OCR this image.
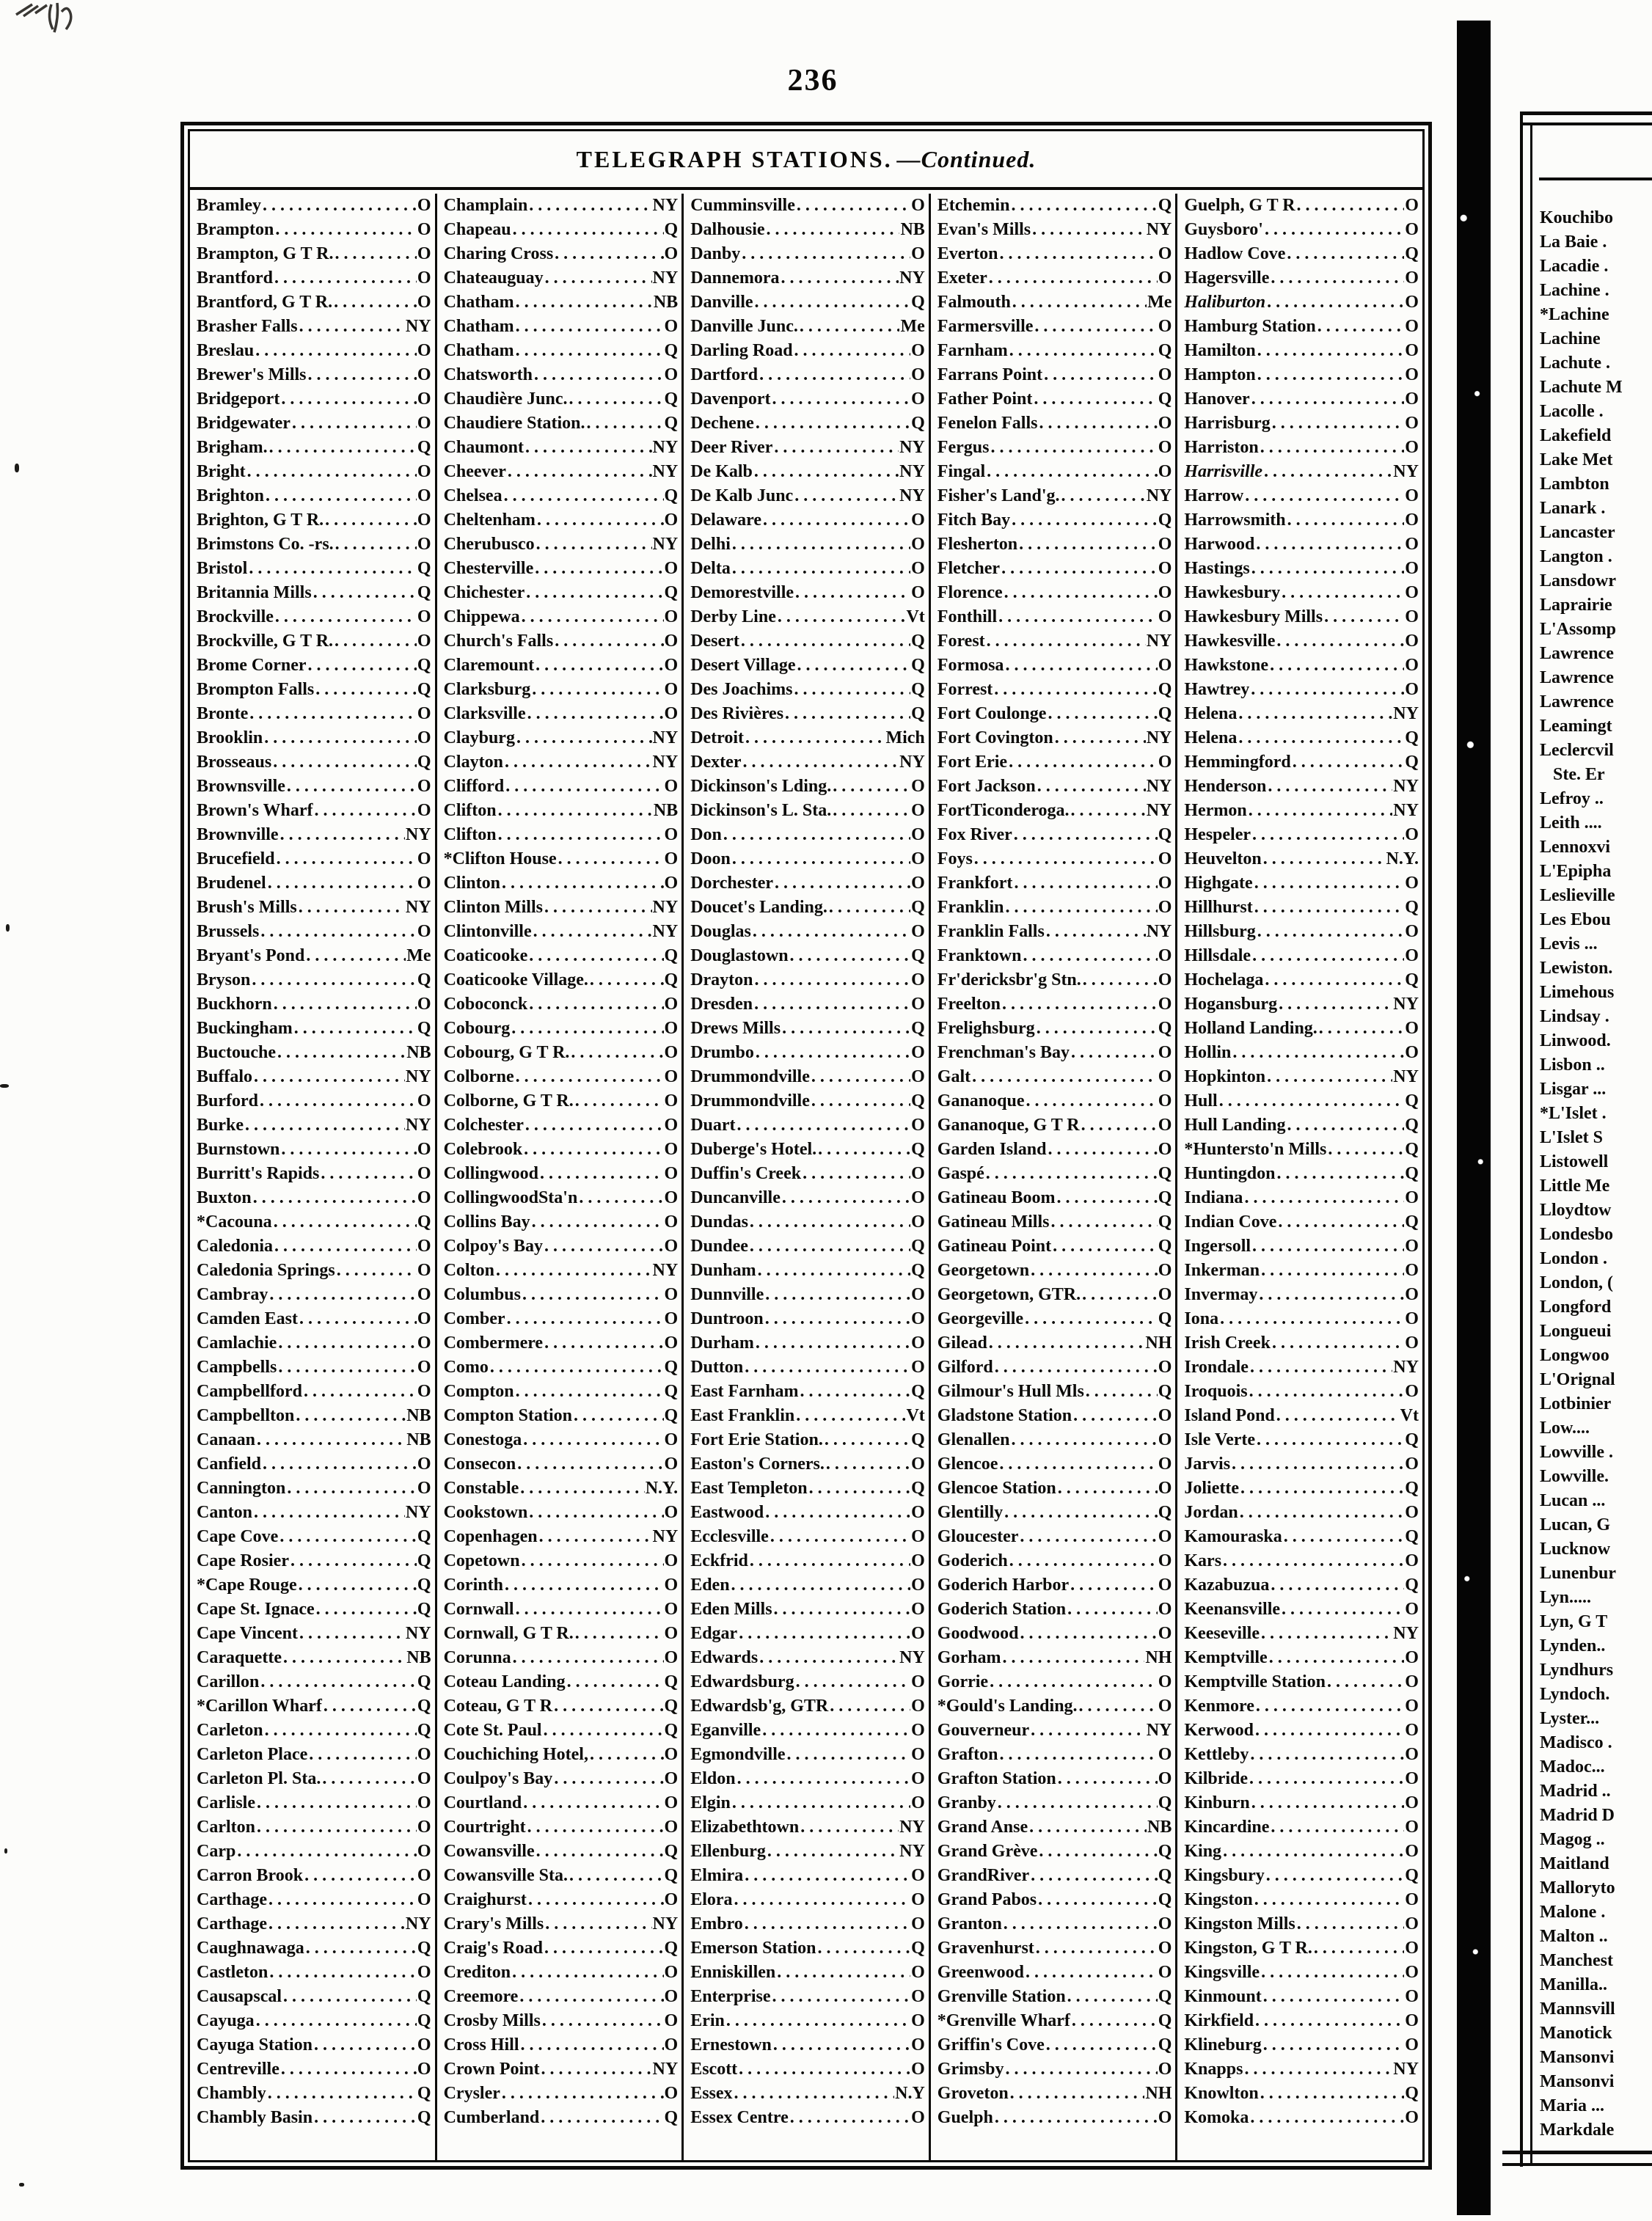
236
TELEGRAPH STATIONS. —Continued.
Bramley .....	O
Brampton .....	O
Brampton, G T R. .....	O
Brantford .....	O
Brantford, G T R. .....	O
Brasher Falls .....	NY
Breslau .....	O
Brewer's Mills .....	O
Bridgeport .....	O
Bridgewater .....	O
Brigham. .....	Q
Bright .....	O
Brighton .....	O
Brighton, G T R. .....	O
Brimstons Co. -rs. .....	O
Bristol .....	Q
Britannia Mills .....	Q
Brockville .....	O
Brockville, G T R. .....	O
Brome Corner .....	Q
Brompton Falls .....	Q
Bronte .....	O
Brooklin .....	O
Brosseaus .....	Q
Brownsville .....	O
Brown's Wharf .....	O
Brownville .....	NY
Brucefield .....	O
Brudenel .....	O
Brush's Mills .....	NY
Brussels .....	O
Bryant's Pond .....	Me
Bryson .....	Q
Buckhorn .....	O
Buckingham .....	Q
Buctouche .....	NB
Buffalo .....	NY
Burford .....	O
Burke .....	NY
Burnstown .....	O
Burritt's Rapids .....	O
Buxton .....	O
*Cacouna .....	Q
Caledonia .....	O
Caledonia Springs .....	O
Cambray .....	O
Camden East .....	O
Camlachie .....	O
Campbells .....	O
Campbellford .....	O
Campbellton .....	NB
Canaan .....	NB
Canfield .....	O
Cannington .....	O
Canton .....	NY
Cape Cove .....	Q
Cape Rosier .....	Q
*Cape Rouge .....	Q
Cape St. Ignace .....	Q
Cape Vincent .....	NY
Caraquette .....	NB
Carillon .....	Q
*Carillon Wharf .....	Q
Carleton .....	Q
Carleton Place .....	O
Carleton Pl. Sta. .....	O
Carlisle .....	O
Carlton .....	O
Carp .....	O
Carron Brook .....	O
Carthage .....	O
Carthage .....	NY
Caughnawaga .....	Q
Castleton .....	O
Causapscal .....	Q
Cayuga .....	Q
Cayuga Station .....	O
Centreville .....	O
Chambly .....	Q
Chambly Basin .....	Q
Champlain .....	NY
Chapeau .....	Q
Charing Cross .....	O
Chateauguay .....	NY
Chatham .....	NB
Chatham .....	O
Chatham .....	Q
Chatsworth .....	O
Chaudière Junc. .....	Q
Chaudiere Station. .....	Q
Chaumont .....	NY
Cheever .....	NY
Chelsea .....	Q
Cheltenham .....	O
Cherubusco .....	NY
Chesterville .....	O
Chichester .....	Q
Chippewa .....	O
Church's Falls .....	O
Claremount .....	O
Clarksburg .....	O
Clarksville .....	O
Clayburg .....	NY
Clayton .....	NY
Clifford .....	O
Clifton .....	NB
Clifton .....	O
*Clifton House .....	O
Clinton .....	O
Clinton Mills .....	NY
Clintonville .....	NY
Coaticooke .....	Q
Coaticooke Village. .....	Q
Coboconck .....	O
Cobourg .....	O
Cobourg, G T R. .....	O
Colborne .....	O
Colborne, G T R. .....	O
Colchester .....	O
Colebrook .....	O
Collingwood .....	O
CollingwoodSta'n .....	O
Collins Bay .....	O
Colpoy's Bay .....	O
Colton .....	NY
Columbus .....	O
Comber .....	O
Combermere .....	O
Como .....	Q
Compton .....	Q
Compton Station .....	Q
Conestoga .....	O
Consecon .....	O
Constable .....	N.Y.
Cookstown .....	O
Copenhagen .....	NY
Copetown .....	O
Corinth .....	O
Cornwall .....	O
Cornwall, G T R. .....	O
Corunna .....	O
Coteau Landing .....	Q
Coteau, G T R .....	Q
Cote St. Paul .....	Q
Couchiching Hotel, .....	O
Coulpoy's Bay .....	O
Courtland .....	O
Courtright .....	O
Cowansville .....	Q
Cowansville Sta. .....	Q
Craighurst .....	O
Crary's Mills .....	NY
Craig's Road .....	Q
Crediton .....	O
Creemore .....	O
Crosby Mills .....	O
Cross Hill .....	O
Crown Point .....	NY
Crysler .....	O
Cumberland .....	Q
Cumminsville .....	O
Dalhousie .....	NB
Danby .....	O
Dannemora .....	NY
Danville .....	Q
Danville Junc. .....	Me
Darling Road .....	O
Dartford .....	O
Davenport .....	O
Dechene .....	Q
Deer River .....	NY
De Kalb .....	NY
De Kalb Junc .....	NY
Delaware .....	O
Delhi .....	O
Delta .....	O
Demorestville .....	O
Derby Line .....	Vt
Desert .....	Q
Desert Village .....	Q
Des Joachims .....	Q
Des Rivières .....	Q
Detroit .....	Mich
Dexter .....	NY
Dickinson's Lding. .....	O
Dickinson's L. Sta. .....	O
Don .....	O
Doon .....	O
Dorchester .....	O
Doucet's Landing. .....	Q
Douglas .....	O
Douglastown .....	Q
Drayton .....	O
Dresden .....	O
Drews Mills .....	Q
Drumbo .....	O
Drummondville .....	O
Drummondville .....	Q
Duart .....	O
Duberge's Hotel. .....	Q
Duffin's Creek .....	O
Duncanville .....	O
Dundas .....	O
Dundee .....	Q
Dunham .....	Q
Dunnville .....	O
Duntroon .....	O
Durham .....	O
Dutton .....	O
East Farnham .....	Q
East Franklin .....	Vt
Fort Erie Station. .....	Q
Easton's Corners. .....	O
East Templeton .....	Q
Eastwood .....	O
Ecclesville .....	O
Eckfrid .....	O
Eden .....	O
Eden Mills .....	O
Edgar .....	O
Edwards .....	NY
Edwardsburg .....	O
Edwardsb'g, GTR .....	O
Eganville .....	O
Egmondville .....	O
Eldon .....	O
Elgin .....	O
Elizabethtown .....	NY
Ellenburg .....	NY
Elmira .....	O
Elora .....	O
Embro .....	O
Emerson Station .....	Q
Enniskillen .....	O
Enterprise .....	O
Erin .....	O
Ernestown .....	O
Escott .....	O
Essex .....	N.Y
Essex Centre .....	O
Etchemin .....	Q
Evan's Mills .....	NY
Everton .....	O
Exeter .....	O
Falmouth .....	Me
Farmersville .....	O
Farnham .....	Q
Farrans Point .....	O
Father Point .....	Q
Fenelon Falls .....	O
Fergus .....	O
Fingal .....	O
Fisher's Land'g. .....	NY
Fitch Bay .....	Q
Flesherton .....	O
Fletcher .....	O
Florence .....	O
Fonthill .....	O
Forest .....	NY
Formosa .....	O
Forrest .....	Q
Fort Coulonge .....	Q
Fort Covington .....	NY
Fort Erie .....	O
Fort Jackson .....	NY
FortTiconderoga. .....	NY
Fox River .....	Q
Foys .....	O
Frankfort .....	O
Franklin .....	O
Franklin Falls .....	NY
Franktown .....	O
Fr'dericksbr'g Stn. .....	O
Freelton .....	O
Frelighsburg .....	Q
Frenchman's Bay .....	O
Galt .....	O
Gananoque .....	O
Gananoque, G T R .....	O
Garden Island .....	O
Gaspé .....	Q
Gatineau Boom .....	Q
Gatineau Mills .....	Q
Gatineau Point .....	Q
Georgetown .....	O
Georgetown, GTR. .....	O
Georgeville .....	Q
Gilead .....	NH
Gilford .....	O
Gilmour's Hull Mls .....	Q
Gladstone Station .....	O
Glenallen .....	O
Glencoe .....	O
Glencoe Station .....	O
Glentilly .....	Q
Gloucester .....	O
Goderich .....	O
Goderich Harbor .....	O
Goderich Station .....	O
Goodwood .....	O
Gorham .....	NH
Gorrie .....	O
*Gould's Landing. .....	O
Gouverneur .....	NY
Grafton .....	O
Grafton Station .....	O
Granby .....	Q
Grand Anse .....	NB
Grand Grève .....	Q
GrandRiver .....	Q
Grand Pabos .....	Q
Granton .....	O
Gravenhurst .....	O
Greenwood .....	O
Grenville Station .....	Q
*Grenville Wharf .....	Q
Griffin's Cove .....	Q
Grimsby .....	O
Groveton .....	NH
Guelph .....	O
Guelph, G T R .....	O
Guysboro' .....	O
Hadlow Cove .....	Q
Hagersville .....	O
Haliburton .....	O
Hamburg Station .....	O
Hamilton .....	O
Hampton .....	O
Hanover .....	O
Harrisburg .....	O
Harriston .....	O
Harrisville .....	NY
Harrow .....	O
Harrowsmith .....	O
Harwood .....	O
Hastings .....	O
Hawkesbury .....	O
Hawkesbury Mills .....	O
Hawkesville .....	O
Hawkstone .....	O
Hawtrey .....	O
Helena .....	NY
Helena .....	Q
Hemmingford .....	Q
Henderson .....	NY
Hermon .....	NY
Hespeler .....	O
Heuvelton .....	N.Y.
Highgate .....	O
Hillhurst .....	Q
Hillsburg .....	O
Hillsdale .....	O
Hochelaga .....	Q
Hogansburg .....	NY
Holland Landing. .....	O
Hollin .....	O
Hopkinton .....	NY
Hull .....	Q
Hull Landing .....	Q
*Huntersto'n Mills .....	Q
Huntingdon .....	Q
Indiana .....	O
Indian Cove .....	Q
Ingersoll .....	O
Inkerman .....	O
Invermay .....	O
Iona .....	O
Irish Creek .....	O
Irondale .....	NY
Iroquois .....	O
Island Pond .....	Vt
Isle Verte .....	Q
Jarvis .....	O
Joliette .....	Q
Jordan .....	O
Kamouraska .....	Q
Kars .....	O
Kazabuzua .....	Q
Keenansville .....	O
Keeseville .....	NY
Kemptville .....	O
Kemptville Station .....	O
Kenmore .....	O
Kerwood .....	O
Kettleby .....	O
Kilbride .....	O
Kinburn .....	O
Kincardine .....	O
King .....	O
Kingsbury .....	Q
Kingston .....	O
Kingston Mills .....	O
Kingston, G T R. .....	O
Kingsville .....	O
Kinmount .....	O
Kirkfield .....	O
Klineburg .....	O
Knapps .....	NY
Knowlton .....	Q
Komoka .....	O
Kouchibo
La Baie .
Lacadie .
Lachine .
*Lachine
Lachine
Lachute .
Lachute M
Lacolle .
Lakefield
Lake Met
Lambton
Lanark .
Lancaster
Langton .
Lansdowr
Laprairie
L'Assomp
Lawrence
Lawrence
Lawrence
Leamingt
Leclercvil
Ste. Er
Lefroy ..
Leith ....
Lennoxvi
L'Epipha
Leslieville
Les Ebou
Levis ...
Lewiston.
Limehous
Lindsay .
Linwood.
Lisbon ..
Lisgar ...
*L'Islet .
L'Islet S
Listowell
Little Me
Lloydtow
Londesbo
London .
London, (
Longford
Longueui
Longwoo
L'Orignal
Lotbinier
Low....
Lowville .
Lowville.
Lucan ...
Lucan, G
Lucknow
Lunenbur
Lyn.....
Lyn, G T
Lynden..
Lyndhurs
Lyndoch.
Lyster...
Madisco .
Madoc...
Madrid ..
Madrid D
Magog ..
Maitland
Malloryto
Malone .
Malton ..
Manchest
Manilla..
Mannsvill
Manotick
Mansonvi
Mansonvi
Maria ...
Markdale
